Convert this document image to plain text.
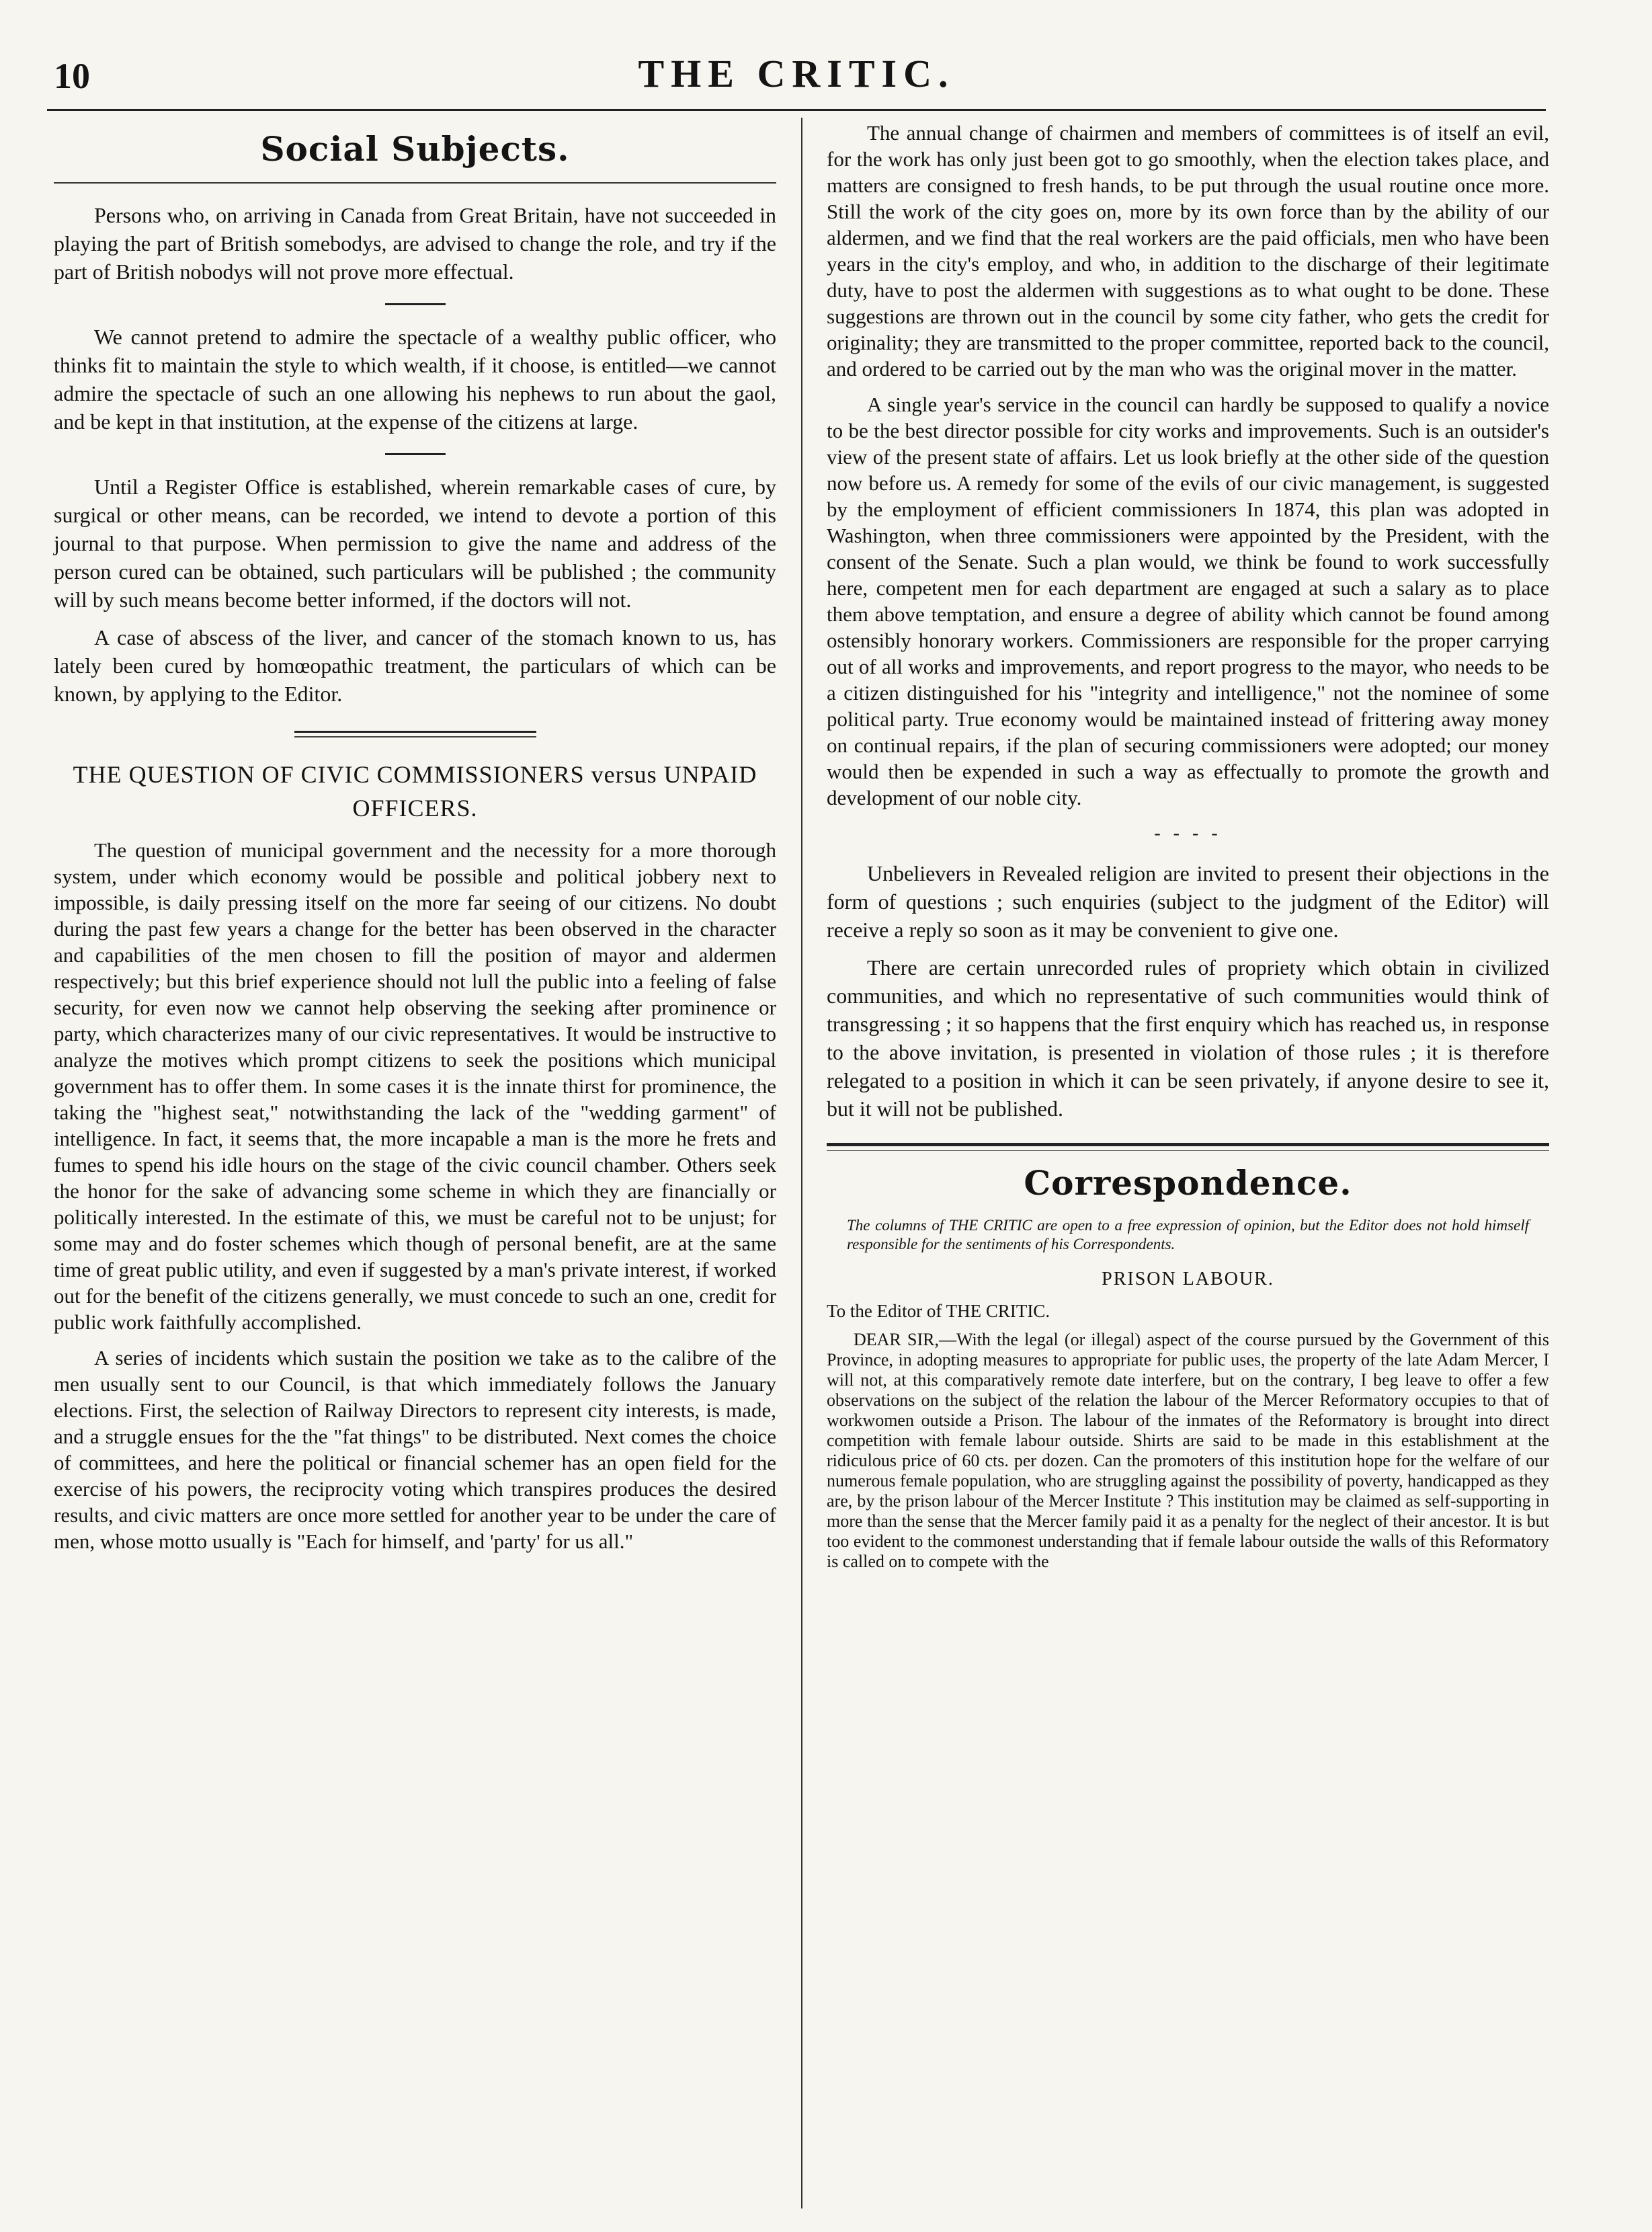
10	THE CRITIC.
Social Subjects.

Persons who, on arriving in Canada from Great Britain, have not succeeded in playing the part of British somebodys, are advised to change the role, and try if the part of British nobodys will not prove more effectual.

We cannot pretend to admire the spectacle of a wealthy public officer, who thinks fit to maintain the style to which wealth, if it choose, is entitled—we cannot admire the spectacle of such an one allowing his nephews to run about the gaol, and be kept in that institution, at the expense of the citizens at large.

Until a Register Office is established, wherein remarkable cases of cure, by surgical or other means, can be recorded, we intend to devote a portion of this journal to that purpose. When permission to give the name and address of the person cured can be obtained, such particulars will be published ; the community will by such means become better informed, if the doctors will not.

A case of abscess of the liver, and cancer of the stomach known to us, has lately been cured by homœopathic treatment, the particulars of which can be known, by applying to the Editor.

THE QUESTION OF CIVIC COMMISSIONERS versus UNPAID OFFICERS.

The question of municipal government and the necessity for a more thorough system, under which economy would be possible and political jobbery next to impossible, is daily pressing itself on the more far seeing of our citizens. No doubt during the past few years a change for the better has been observed in the character and capabilities of the men chosen to fill the position of mayor and aldermen respectively; but this brief experience should not lull the public into a feeling of false security, for even now we cannot help observing the seeking after prominence or party, which characterizes many of our civic representatives. It would be instructive to analyze the motives which prompt citizens to seek the positions which municipal government has to offer them. In some cases it is the innate thirst for prominence, the taking the "highest seat," notwithstanding the lack of the "wedding garment" of intelligence. In fact, it seems that, the more incapable a man is the more he frets and fumes to spend his idle hours on the stage of the civic council chamber. Others seek the honor for the sake of advancing some scheme in which they are financially or politically interested. In the estimate of this, we must be careful not to be unjust; for some may and do foster schemes which though of personal benefit, are at the same time of great public utility, and even if suggested by a man's private interest, if worked out for the benefit of the citizens generally, we must concede to such an one, credit for public work faithfully accomplished.

A series of incidents which sustain the position we take as to the calibre of the men usually sent to our Council, is that which immediately follows the January elections. First, the selection of Railway Directors to represent city interests, is made, and a struggle ensues for the the "fat things" to be distributed. Next comes the choice of committees, and here the political or financial schemer has an open field for the exercise of his powers, the reciprocity voting which transpires produces the desired results, and civic matters are once more settled for another year to be under the care of men, whose motto usually is "Each for himself, and 'party' for us all."

The annual change of chairmen and members of committees is of itself an evil, for the work has only just been got to go smoothly, when the election takes place, and matters are consigned to fresh hands, to be put through the usual routine once more. Still the work of the city goes on, more by its own force than by the ability of our aldermen, and we find that the real workers are the paid officials, men who have been years in the city's employ, and who, in addition to the discharge of their legitimate duty, have to post the aldermen with suggestions as to what ought to be done. These suggestions are thrown out in the council by some city father, who gets the credit for originality; they are transmitted to the proper committee, reported back to the council, and ordered to be carried out by the man who was the original mover in the matter.

A single year's service in the council can hardly be supposed to qualify a novice to be the best director possible for city works and improvements. Such is an outsider's view of the present state of affairs. Let us look briefly at the other side of the question now before us. A remedy for some of the evils of our civic management, is suggested by the employment of efficient commissioners In 1874, this plan was adopted in Washington, when three commissioners were appointed by the President, with the consent of the Senate. Such a plan would, we think be found to work successfully here, competent men for each department are engaged at such a salary as to place them above temptation, and ensure a degree of ability which cannot be found among ostensibly honorary workers. Commissioners are responsible for the proper carrying out of all works and improvements, and report progress to the mayor, who needs to be a citizen distinguished for his "integrity and intelligence," not the nominee of some political party. True economy would be maintained instead of frittering away money on continual repairs, if the plan of securing commissioners were adopted; our money would then be expended in such a way as effectually to promote the growth and development of our noble city.

- - - -

Unbelievers in Revealed religion are invited to present their objections in the form of questions ; such enquiries (subject to the judgment of the Editor) will receive a reply so soon as it may be convenient to give one.

There are certain unrecorded rules of propriety which obtain in civilized communities, and which no representative of such communities would think of transgressing ; it so happens that the first enquiry which has reached us, in response to the above invitation, is presented in violation of those rules ; it is therefore relegated to a position in which it can be seen privately, if anyone desire to see it, but it will not be published.

Correspondence.
The columns of THE CRITIC are open to a free expression of opinion, but the Editor does not hold himself responsible for the sentiments of his Correspondents.
PRISON LABOUR.
To the Editor of THE CRITIC.

DEAR SIR,—With the legal (or illegal) aspect of the course pursued by the Government of this Province, in adopting measures to appropriate for public uses, the property of the late Adam Mercer, I will not, at this comparatively remote date interfere, but on the contrary, I beg leave to offer a few observations on the subject of the relation the labour of the Mercer Reformatory occupies to that of workwomen outside a Prison. The labour of the inmates of the Reformatory is brought into direct competition with female labour outside. Shirts are said to be made in this establishment at the ridiculous price of 60 cts. per dozen. Can the promoters of this institution hope for the welfare of our numerous female population, who are struggling against the possibility of poverty, handicapped as they are, by the prison labour of the Mercer Institute ? This institution may be claimed as self-supporting in more than the sense that the Mercer family paid it as a penalty for the neglect of their ancestor. It is but too evident to the commonest understanding that if female labour outside the walls of this Reformatory is called on to compete with the
